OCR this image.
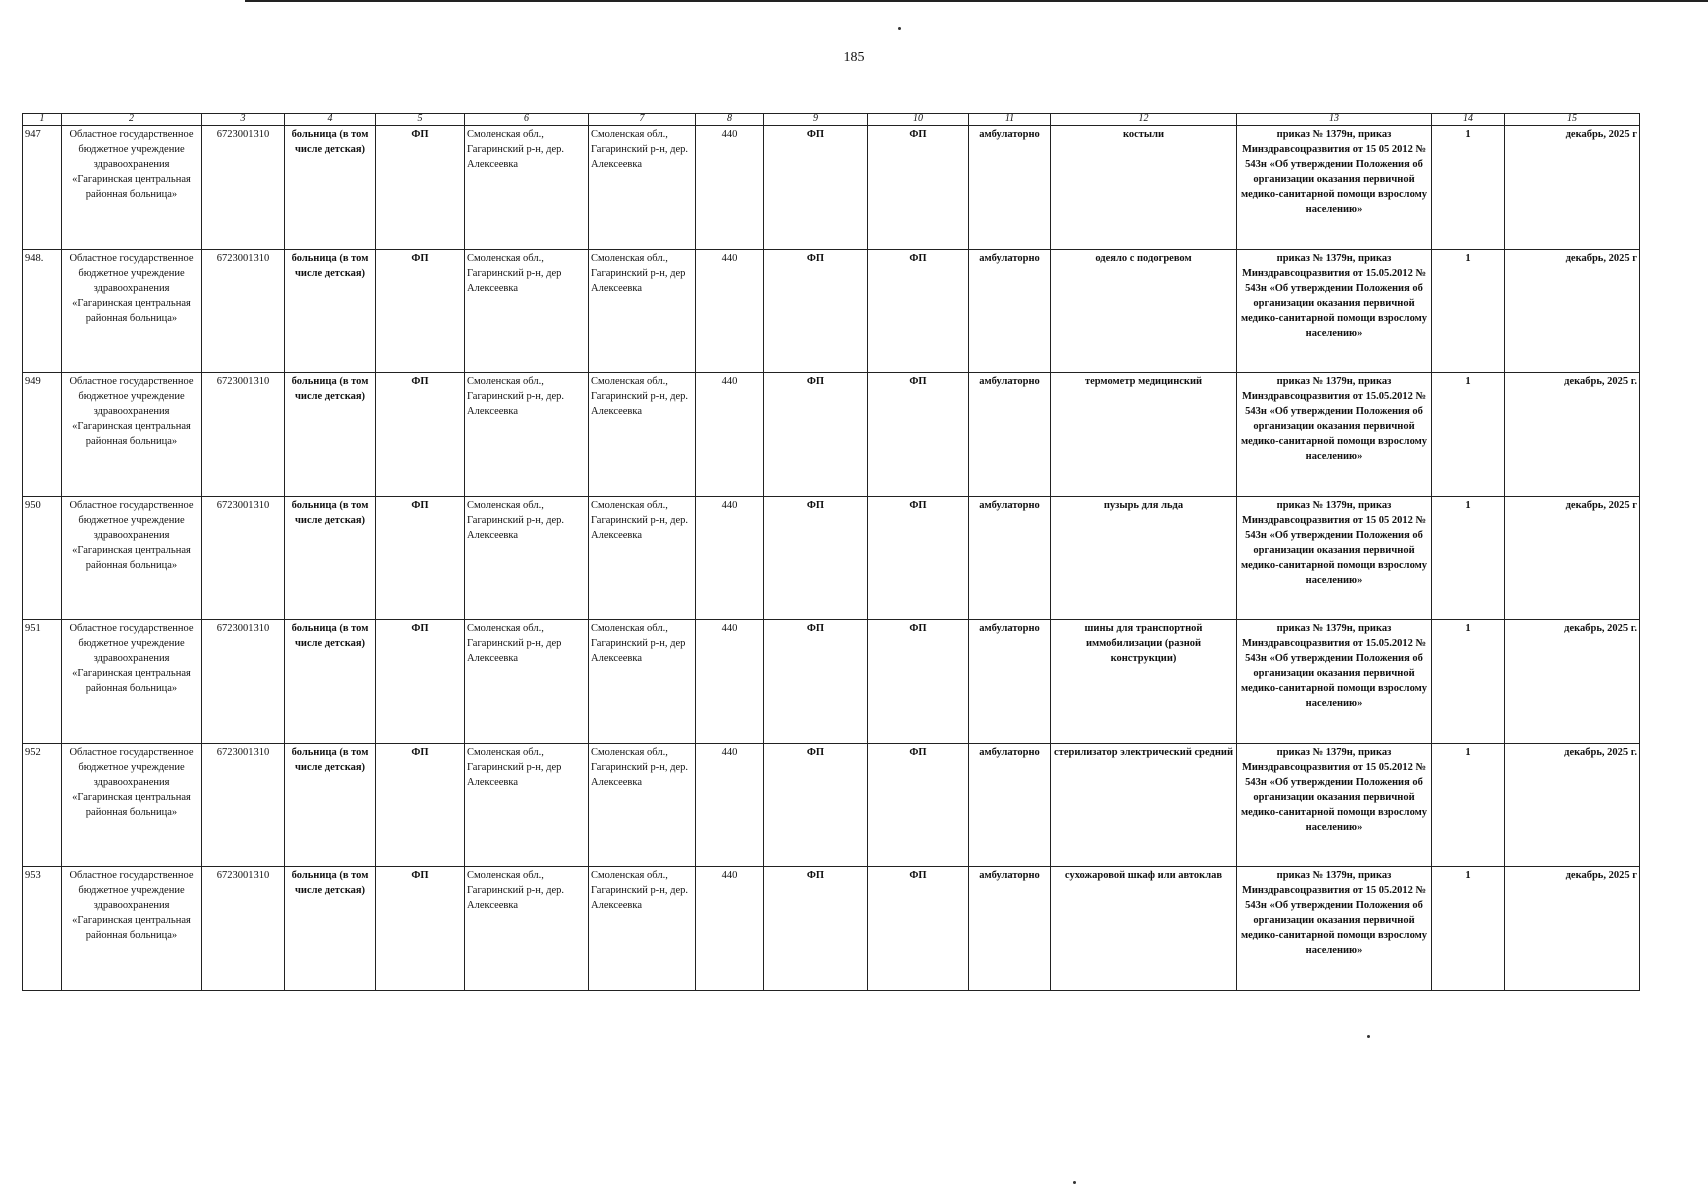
185
1	2	3	4	5	6	7	8	9	10	11	12	13	14	15
947	Областное государственное бюджетное учреждение здравоохранения «Гагаринская центральная районная больница»	6723001310	больница (в том числе детская)	ФП	Смоленская обл., Гагаринский р-н, дер. Алексеевка	Смоленская обл., Гагаринский р-н, дер. Алексеевка	440	ФП	ФП	амбулаторно	костыли	приказ № 1379н, приказ Минздравсоцразвития от 15 05 2012 № 543н «Об утверждении Положения об организации оказания первичной медико-санитарной помощи взрослому населению»	1	декабрь, 2025 г
948.	Областное государственное бюджетное учреждение здравоохранения «Гагаринская центральная районная больница»	6723001310	больница (в том числе детская)	ФП	Смоленская обл., Гагаринский р-н, дер Алексеевка	Смоленская обл., Гагаринский р-н, дер Алексеевка	440	ФП	ФП	амбулаторно	одеяло с подогревом	приказ № 1379н, приказ Минздравсоцразвития от 15.05.2012 № 543н «Об утверждении Положения об организации оказания первичной медико-санитарной помощи взрослому населению»	1	декабрь, 2025 г
949	Областное государственное бюджетное учреждение здравоохранения «Гагаринская центральная районная больница»	6723001310	больница (в том числе детская)	ФП	Смоленская обл., Гагаринский р-н, дер. Алексеевка	Смоленская обл., Гагаринский р-н, дер. Алексеевка	440	ФП	ФП	амбулаторно	термометр медицинский	приказ № 1379н, приказ Минздравсоцразвития от 15.05.2012 № 543н «Об утверждении Положения об организации оказания первичной медико-санитарной помощи взрослому населению»	1	декабрь, 2025 г.
950	Областное государственное бюджетное учреждение здравоохранения «Гагаринская центральная районная больница»	6723001310	больница (в том числе детская)	ФП	Смоленская обл., Гагаринский р-н, дер. Алексеевка	Смоленская обл., Гагаринский р-н, дер. Алексеевка	440	ФП	ФП	амбулаторно	пузырь для льда	приказ № 1379н, приказ Минздравсоцразвития от 15 05 2012 № 543н «Об утверждении Положения об организации оказания первичной медико-санитарной помощи взрослому населению»	1	декабрь, 2025 г
951	Областное государственное бюджетное учреждение здравоохранения «Гагаринская центральная районная больница»	6723001310	больница (в том числе детская)	ФП	Смоленская обл., Гагаринский р-н, дер Алексеевка	Смоленская обл., Гагаринский р-н, дер Алексеевка	440	ФП	ФП	амбулаторно	шины для транспортной иммобилизации (разной конструкции)	приказ № 1379н, приказ Минздравсоцразвития от 15.05.2012 № 543н «Об утверждении Положения об организации оказания первичной медико-санитарной помощи взрослому населению»	1	декабрь, 2025 г.
952	Областное государственное бюджетное учреждение здравоохранения «Гагаринская центральная районная больница»	6723001310	больница (в том числе детская)	ФП	Смоленская обл., Гагаринский р-н, дер Алексеевка	Смоленская обл., Гагаринский р-н, дер. Алексеевка	440	ФП	ФП	амбулаторно	стерилизатор электрический средний	приказ № 1379н, приказ Минздравсоцразвития от 15 05.2012 № 543н «Об утверждении Положения об организации оказания первичной медико-санитарной помощи взрослому населению»	1	декабрь, 2025 г.
953	Областное государственное бюджетное учреждение здравоохранения «Гагаринская центральная районная больница»	6723001310	больница (в том числе детская)	ФП	Смоленская обл., Гагаринский р-н, дер. Алексеевка	Смоленская обл., Гагаринский р-н, дер. Алексеевка	440	ФП	ФП	амбулаторно	сухожаровой шкаф или автоклав	приказ № 1379н, приказ Минздравсоцразвития от 15 05.2012 № 543н «Об утверждении Положения об организации оказания первичной медико-санитарной помощи взрослому населению»	1	декабрь, 2025 г
